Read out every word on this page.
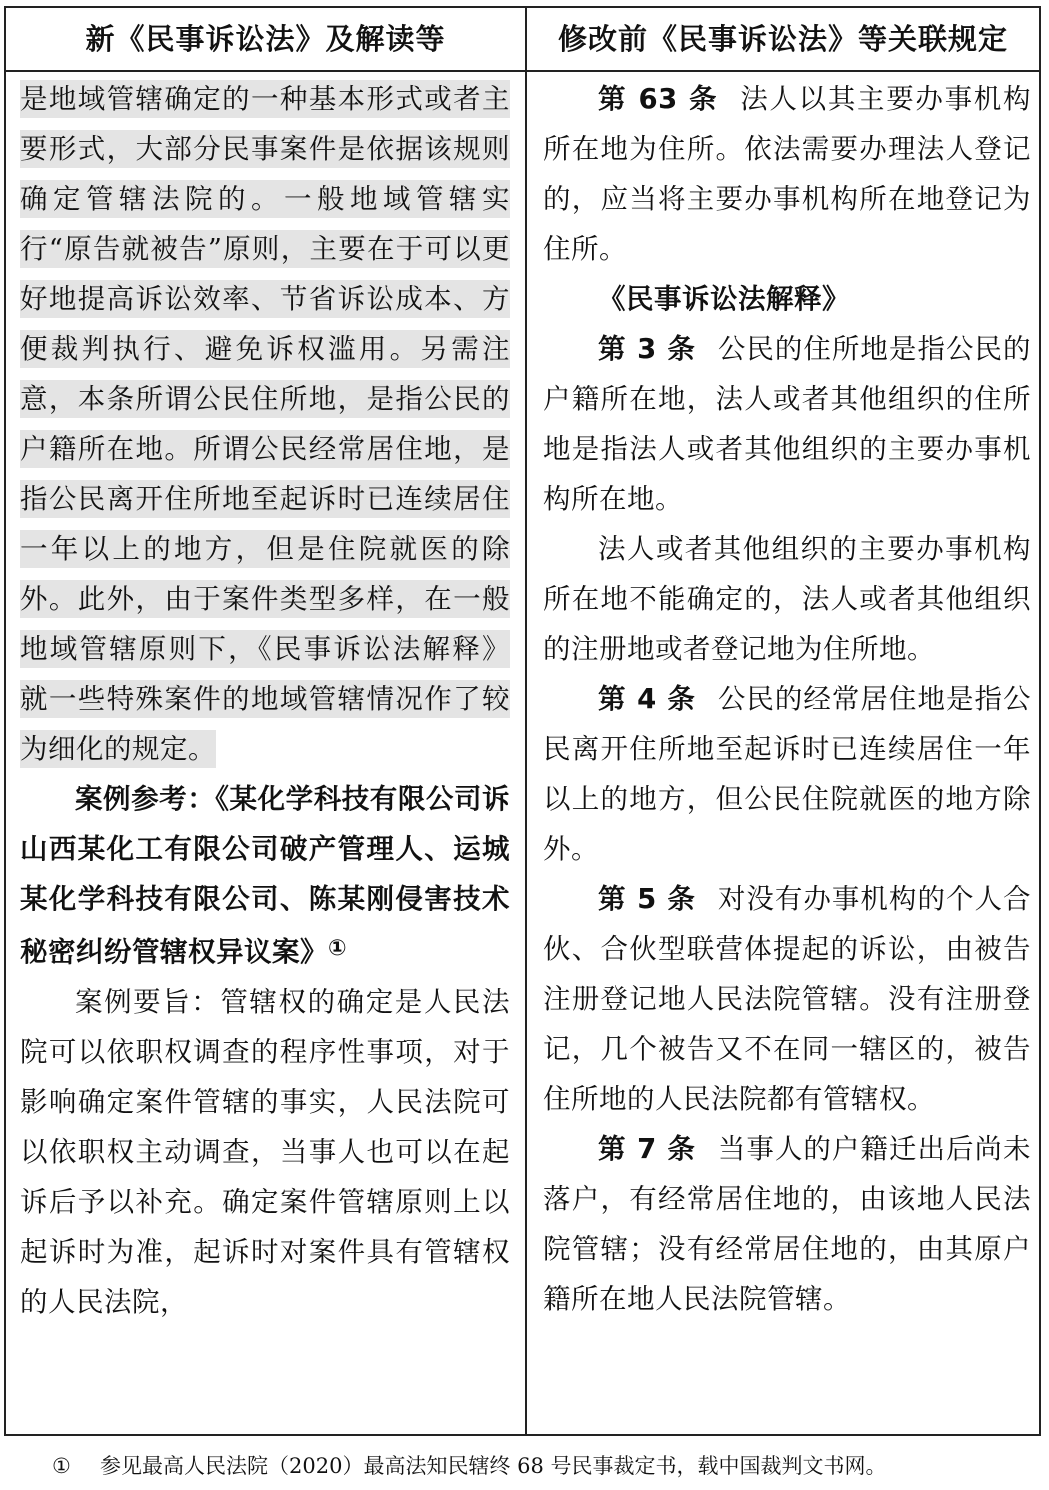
新《民事诉讼法》及解读等	修改前《民事诉讼法》等关联规定

是地域管辖确定的一种基本形式或者主要形式，大部分民事案件是依据该规则确定管辖法院的。一般地域管辖实行“原告就被告”原则，主要在于可以更好地提高诉讼效率、节省诉讼成本、方便裁判执行、避免诉权滥用。另需注意，本条所谓公民住所地，是指公民的户籍所在地。所谓公民经常居住地，是指公民离开住所地至起诉时已连续居住一年以上的地方，但是住院就医的除外。此外，由于案件类型多样，在一般地域管辖原则下，《民事诉讼法解释》就一些特殊案件的地域管辖情况作了较为细化的规定。

案例参考：《某化学科技有限公司诉山西某化工有限公司破产管理人、运城某化学科技有限公司、陈某刚侵害技术秘密纠纷管辖权异议案》①

案例要旨：管辖权的确定是人民法院可以依职权调查的程序性事项，对于影响确定案件管辖的事实，人民法院可以依职权主动调查，当事人也可以在起诉后予以补充。确定案件管辖原则上以起诉时为准，起诉时对案件具有管辖权的人民法院，

第 63 条 法人以其主要办事机构所在地为住所。依法需要办理法人登记的，应当将主要办事机构所在地登记为住所。

《民事诉讼法解释》

第 3 条 公民的住所地是指公民的户籍所在地，法人或者其他组织的住所地是指法人或者其他组织的主要办事机构所在地。

法人或者其他组织的主要办事机构所在地不能确定的，法人或者其他组织的注册地或者登记地为住所地。

第 4 条 公民的经常居住地是指公民离开住所地至起诉时已连续居住一年以上的地方，但公民住院就医的地方除外。

第 5 条 对没有办事机构的个人合伙、合伙型联营体提起的诉讼，由被告注册登记地人民法院管辖。没有注册登记，几个被告又不在同一辖区的，被告住所地的人民法院都有管辖权。

第 7 条 当事人的户籍迁出后尚未落户，有经常居住地的，由该地人民法院管辖；没有经常居住地的，由其原户籍所在地人民法院管辖。

① 参见最高人民法院（2020）最高法知民辖终 68 号民事裁定书，载中国裁判文书网。
